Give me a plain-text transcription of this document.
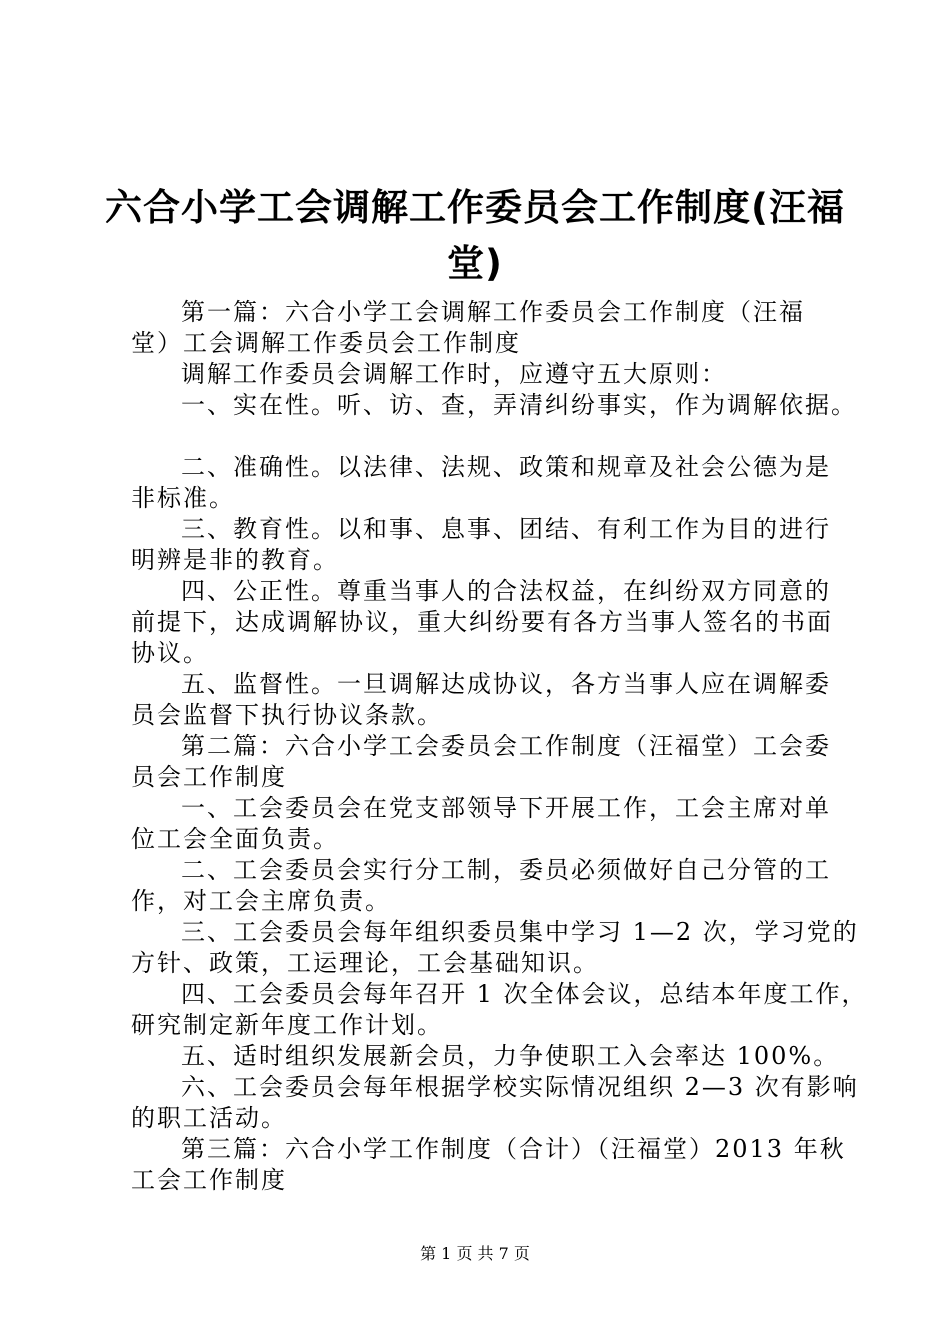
六合小学工会调解工作委员会工作制度(汪福
堂)
第一篇：六合小学工会调解工作委员会工作制度（汪福
堂）工会调解工作委员会工作制度
调解工作委员会调解工作时，应遵守五大原则：
一、实在性。听、访、查，弄清纠纷事实，作为调解依据。
二、准确性。以法律、法规、政策和规章及社会公德为是
非标准。
三、教育性。以和事、息事、团结、有利工作为目的进行
明辨是非的教育。
四、公正性。尊重当事人的合法权益，在纠纷双方同意的
前提下，达成调解协议，重大纠纷要有各方当事人签名的书面
协议。
五、监督性。一旦调解达成协议，各方当事人应在调解委
员会监督下执行协议条款。
第二篇：六合小学工会委员会工作制度（汪福堂）工会委
员会工作制度
一、工会委员会在党支部领导下开展工作，工会主席对单
位工会全面负责。
二、工会委员会实行分工制，委员必须做好自己分管的工
作，对工会主席负责。
三、工会委员会每年组织委员集中学习 1—2 次，学习党的
方针、政策，工运理论，工会基础知识。
四、工会委员会每年召开 1 次全体会议，总结本年度工作，
研究制定新年度工作计划。
五、适时组织发展新会员，力争使职工入会率达 100%。
六、工会委员会每年根据学校实际情况组织 2—3 次有影响
的职工活动。
第三篇：六合小学工作制度（合计）（汪福堂）2013 年秋
工会工作制度
第 1 页 共 7 页
